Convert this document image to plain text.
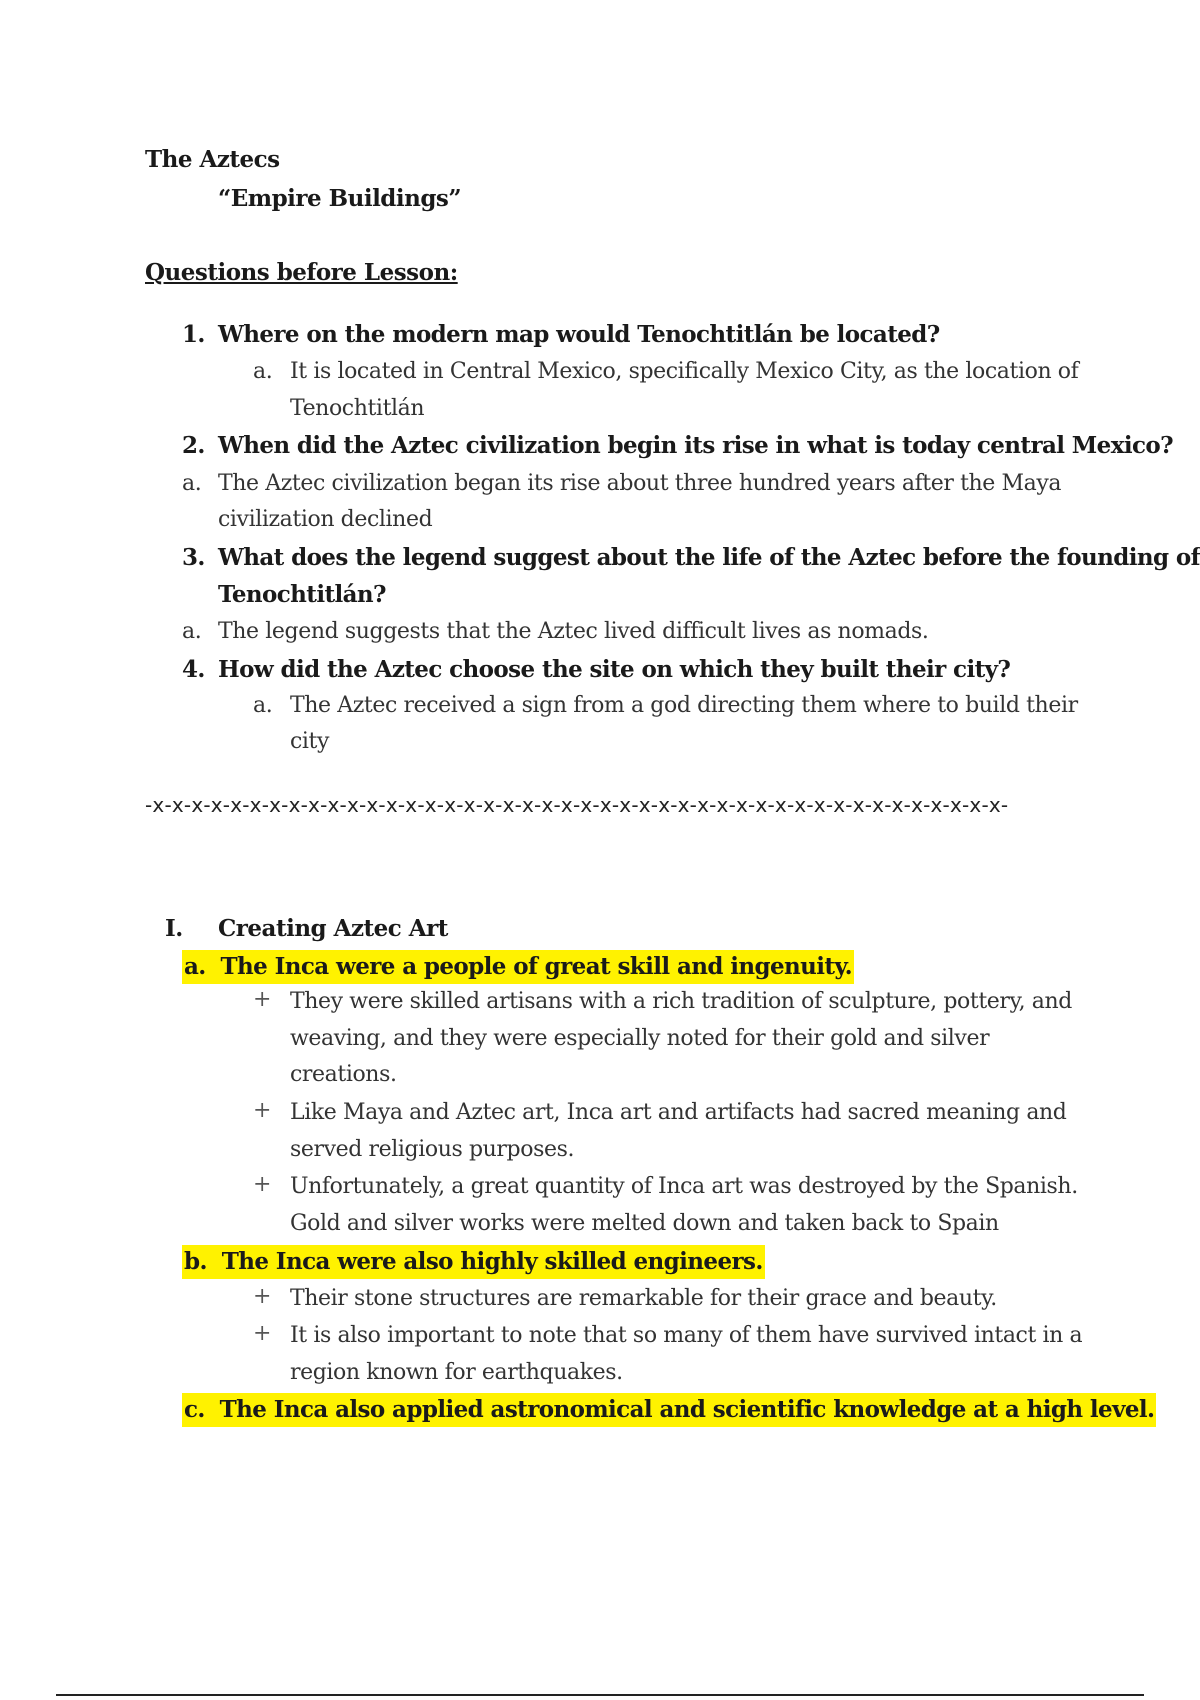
The Aztecs
“Empire Buildings”
Questions before Lesson:
1. Where on the modern map would Tenochtitlán be located?
a. It is located in Central Mexico, specifically Mexico City, as the location of
Tenochtitlán
2. When did the Aztec civilization begin its rise in what is today central Mexico?
a. The Aztec civilization began its rise about three hundred years after the Maya
civilization declined
3. What does the legend suggest about the life of the Aztec before the founding of
Tenochtitlán?
a. The legend suggests that the Aztec lived difficult lives as nomads.
4. How did the Aztec choose the site on which they built their city?
a. The Aztec received a sign from a god directing them where to build their
city
-x-x-x-x-x-x-x-x-x-x-x-x-x-x-x-x-x-x-x-x-x-x-x-x-x-x-x-x-x-x-x-x-x-x-x-x-x-x-x-x-x-x-x-x-
I. Creating Aztec Art
a. The Inca were a people of great skill and ingenuity.
+ They were skilled artisans with a rich tradition of sculpture, pottery, and
weaving, and they were especially noted for their gold and silver
creations.
+ Like Maya and Aztec art, Inca art and artifacts had sacred meaning and
served religious purposes.
+ Unfortunately, a great quantity of Inca art was destroyed by the Spanish.
Gold and silver works were melted down and taken back to Spain
b. The Inca were also highly skilled engineers.
+ Their stone structures are remarkable for their grace and beauty.
+ It is also important to note that so many of them have survived intact in a
region known for earthquakes.
c. The Inca also applied astronomical and scientific knowledge at a high level.
